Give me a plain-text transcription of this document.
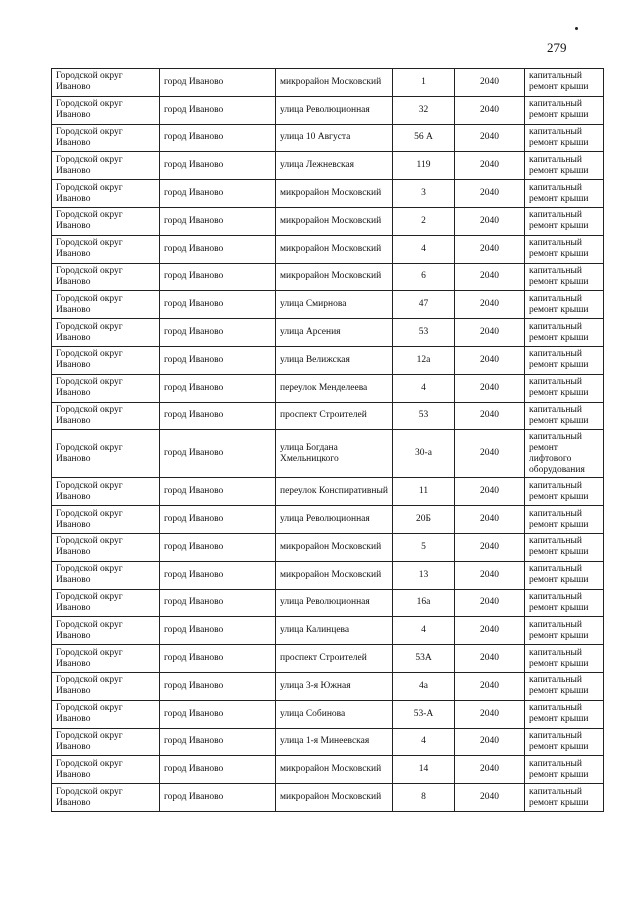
279
Городской округ Иваново	город Иваново	микрорайон Московский	1	2040	капитальный ремонт крыши
Городской округ Иваново	город Иваново	улица Революционная	32	2040	капитальный ремонт крыши
Городской округ Иваново	город Иваново	улица 10 Августа	56 А	2040	капитальный ремонт крыши
Городской округ Иваново	город Иваново	улица Лежневская	119	2040	капитальный ремонт крыши
Городской округ Иваново	город Иваново	микрорайон Московский	3	2040	капитальный ремонт крыши
Городской округ Иваново	город Иваново	микрорайон Московский	2	2040	капитальный ремонт крыши
Городской округ Иваново	город Иваново	микрорайон Московский	4	2040	капитальный ремонт крыши
Городской округ Иваново	город Иваново	микрорайон Московский	6	2040	капитальный ремонт крыши
Городской округ Иваново	город Иваново	улица Смирнова	47	2040	капитальный ремонт крыши
Городской округ Иваново	город Иваново	улица Арсения	53	2040	капитальный ремонт крыши
Городской округ Иваново	город Иваново	улица Велижская	12а	2040	капитальный ремонт крыши
Городской округ Иваново	город Иваново	переулок Менделеева	4	2040	капитальный ремонт крыши
Городской округ Иваново	город Иваново	проспект Строителей	53	2040	капитальный ремонт крыши
Городской округ Иваново	город Иваново	улица Богдана Хмельницкого	30-а	2040	капитальный ремонт лифтового оборудования
Городской округ Иваново	город Иваново	переулок Конспиративный	11	2040	капитальный ремонт крыши
Городской округ Иваново	город Иваново	улица Революционная	20Б	2040	капитальный ремонт крыши
Городской округ Иваново	город Иваново	микрорайон Московский	5	2040	капитальный ремонт крыши
Городской округ Иваново	город Иваново	микрорайон Московский	13	2040	капитальный ремонт крыши
Городской округ Иваново	город Иваново	улица Революционная	16а	2040	капитальный ремонт крыши
Городской округ Иваново	город Иваново	улица Калинцева	4	2040	капитальный ремонт крыши
Городской округ Иваново	город Иваново	проспект Строителей	53А	2040	капитальный ремонт крыши
Городской округ Иваново	город Иваново	улица 3-я Южная	4а	2040	капитальный ремонт крыши
Городской округ Иваново	город Иваново	улица Собинова	53-А	2040	капитальный ремонт крыши
Городской округ Иваново	город Иваново	улица 1-я Минеевская	4	2040	капитальный ремонт крыши
Городской округ Иваново	город Иваново	микрорайон Московский	14	2040	капитальный ремонт крыши
Городской округ Иваново	город Иваново	микрорайон Московский	8	2040	капитальный ремонт крыши
